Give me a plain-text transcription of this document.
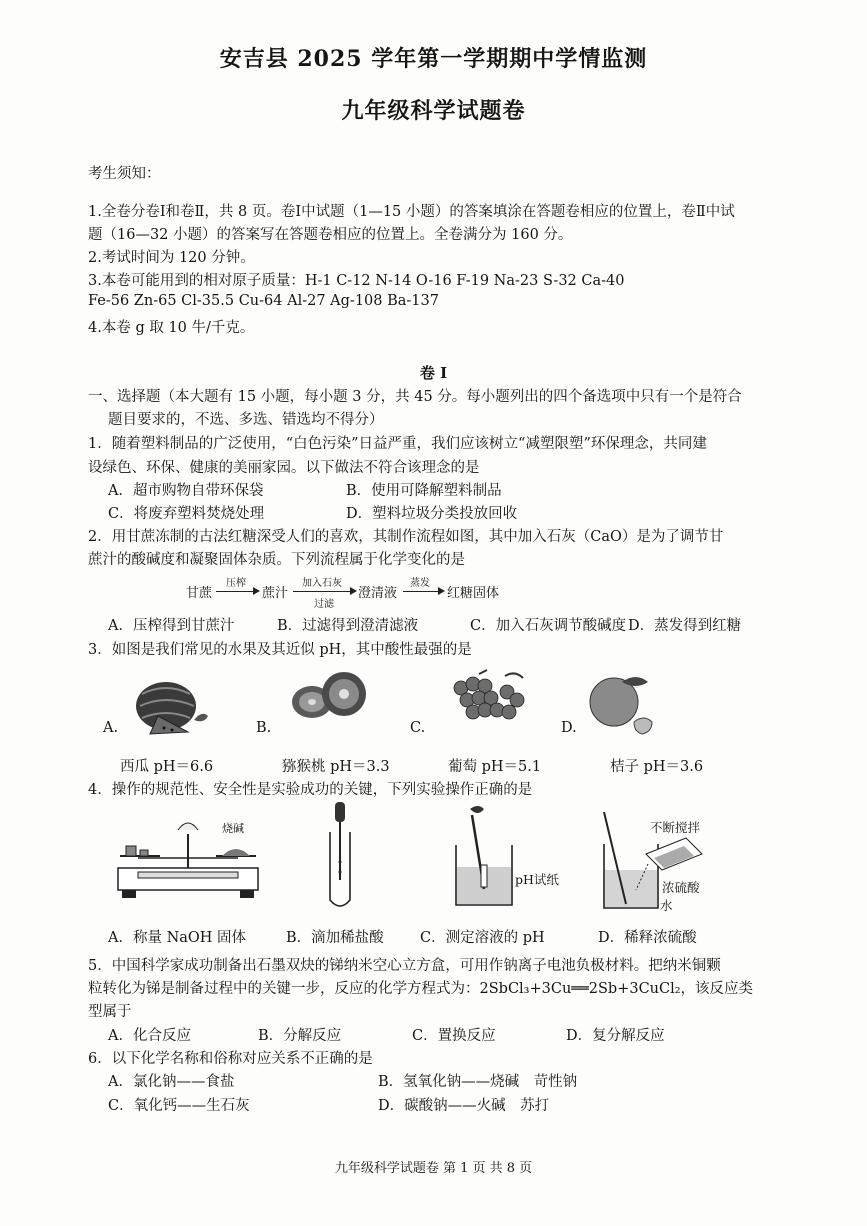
安吉县 2025 学年第一学期期中学情监测
九年级科学试题卷
考生须知：
1.全卷分卷Ⅰ和卷Ⅱ，共 8 页。卷Ⅰ中试题（1—15 小题）的答案填涂在答题卷相应的位置上，卷Ⅱ中试
题（16—32 小题）的答案写在答题卷相应的位置上。全卷满分为 160 分。
2.考试时间为 120 分钟。
3.本卷可能用到的相对原子质量：H-1 C-12 N-14 O-16 F-19 Na-23 S-32 Ca-40
Fe-56 Zn-65 Cl-35.5 Cu-64 Al-27 Ag-108 Ba-137
4.本卷 g 取 10 牛/千克。
卷 Ⅰ
一、选择题（本大题有 15 小题，每小题 3 分，共 45 分。每小题列出的四个备选项中只有一个是符合
题目要求的，不选、多选、错选均不得分）
1．随着塑料制品的广泛使用，“白色污染”日益严重，我们应该树立“减塑限塑”环保理念，共同建
设绿色、环保、健康的美丽家园。以下做法不符合该理念的是
A．超市购物自带环保袋	B．使用可降解塑料制品
C．将废弃塑料焚烧处理	D．塑料垃圾分类投放回收
2．用甘蔗冻制的古法红糖深受人们的喜欢，其制作流程如图，其中加入石灰（CaO）是为了调节甘
蔗汁的酸碱度和凝聚固体杂质。下列流程属于化学变化的是
甘蔗
压榨
蔗汁
加入石灰
过滤
澄清液
蒸发
红糖固体
A．压榨得到甘蔗汁	B．过滤得到澄清滤液	C．加入石灰调节酸碱度 D．蒸发得到红糖
3．如图是我们常见的水果及其近似 pH，其中酸性最强的是
A.
西瓜 pH＝6.6
B.
猕猴桃 pH＝3.3
C.
葡萄 pH＝5.1
D.
桔子 pH＝3.6
4．操作的规范性、安全性是实验成功的关键，下列实验操作正确的是
烧碱
pH试纸
不断搅拌
浓硫酸
水
A．称量 NaOH 固体	B．滴加稀盐酸	C．测定溶液的 pH	D．稀释浓硫酸
5．中国科学家成功制备出石墨双炔的锑纳米空心立方盒，可用作钠离子电池负极材料。把纳米铜颗
粒转化为锑是制备过程中的关键一步，反应的化学方程式为：2SbCl₃+3Cu══2Sb+3CuCl₂，该反应类
型属于
A．化合反应	B．分解反应	C．置换反应	D．复分解反应
6．以下化学名称和俗称对应关系不正确的是
A．氯化钠——食盐	B．氢氧化钠——烧碱　苛性钠
C．氧化钙——生石灰	D．碳酸钠——火碱　苏打
九年级科学试题卷 第 1 页 共 8 页
